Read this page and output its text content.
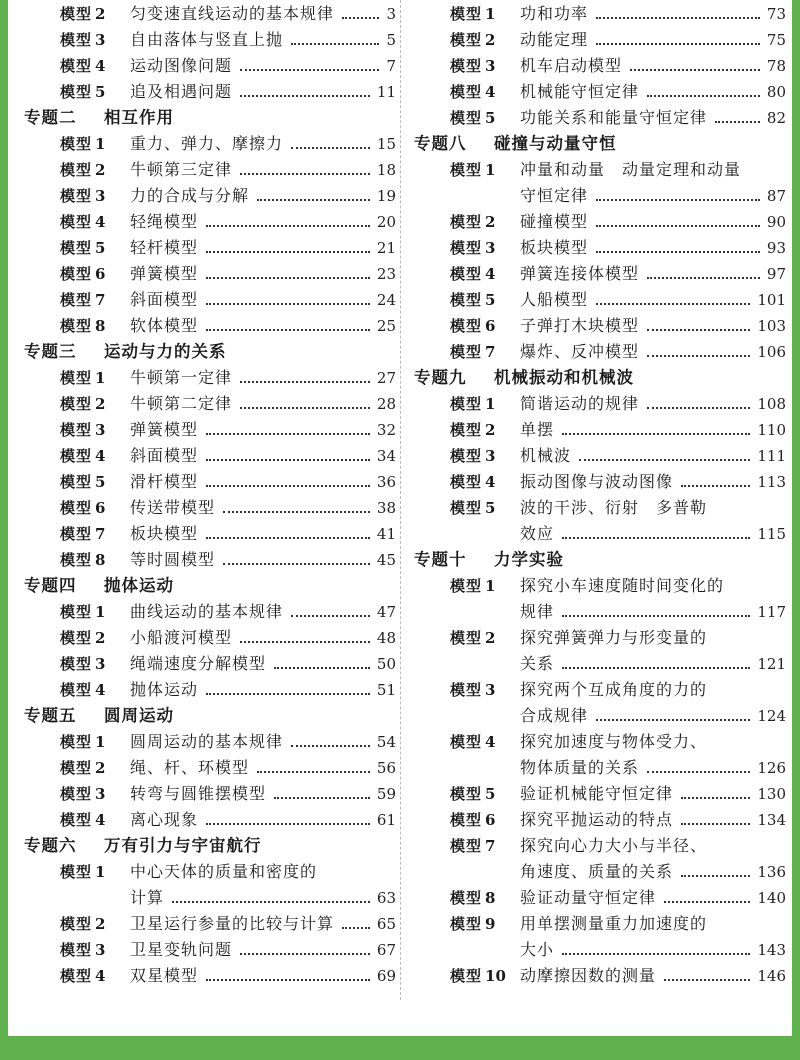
模型 2 匀变速直线运动的基本规律	3
模型 3 自由落体与竖直上抛	5
模型 4 运动图像问题	7
模型 5 追及相遇问题	11
专题二 相互作用
模型 1 重力、弹力、摩擦力	15
模型 2 牛顿第三定律	18
模型 3 力的合成与分解	19
模型 4 轻绳模型	20
模型 5 轻杆模型	21
模型 6 弹簧模型	23
模型 7 斜面模型	24
模型 8 软体模型	25
专题三 运动与力的关系
模型 1 牛顿第一定律	27
模型 2 牛顿第二定律	28
模型 3 弹簧模型	32
模型 4 斜面模型	34
模型 5 滑杆模型	36
模型 6 传送带模型	38
模型 7 板块模型	41
模型 8 等时圆模型	45
专题四 抛体运动
模型 1 曲线运动的基本规律	47
模型 2 小船渡河模型	48
模型 3 绳端速度分解模型	50
模型 4 抛体运动	51
专题五 圆周运动
模型 1 圆周运动的基本规律	54
模型 2 绳、杆、环模型	56
模型 3 转弯与圆锥摆模型	59
模型 4 离心现象	61
专题六 万有引力与宇宙航行
模型 1 中心天体的质量和密度的
计算	63
模型 2 卫星运行参量的比较与计算	65
模型 3 卫星变轨问题	67
模型 4 双星模型	69
模型 1 功和功率	73
模型 2 动能定理	75
模型 3 机车启动模型	78
模型 4 机械能守恒定律	80
模型 5 功能关系和能量守恒定律	82
专题八 碰撞与动量守恒
模型 1 冲量和动量　动量定理和动量
守恒定律	87
模型 2 碰撞模型	90
模型 3 板块模型	93
模型 4 弹簧连接体模型	97
模型 5 人船模型	101
模型 6 子弹打木块模型	103
模型 7 爆炸、反冲模型	106
专题九 机械振动和机械波
模型 1 简谐运动的规律	108
模型 2 单摆	110
模型 3 机械波	111
模型 4 振动图像与波动图像	113
模型 5 波的干涉、衍射　多普勒
效应	115
专题十 力学实验
模型 1 探究小车速度随时间变化的
规律	117
模型 2 探究弹簧弹力与形变量的
关系	121
模型 3 探究两个互成角度的力的
合成规律	124
模型 4 探究加速度与物体受力、
物体质量的关系	126
模型 5 验证机械能守恒定律	130
模型 6 探究平抛运动的特点	134
模型 7 探究向心力大小与半径、
角速度、质量的关系	136
模型 8 验证动量守恒定律	140
模型 9 用单摆测量重力加速度的
大小	143
模型 10 动摩擦因数的测量	146
